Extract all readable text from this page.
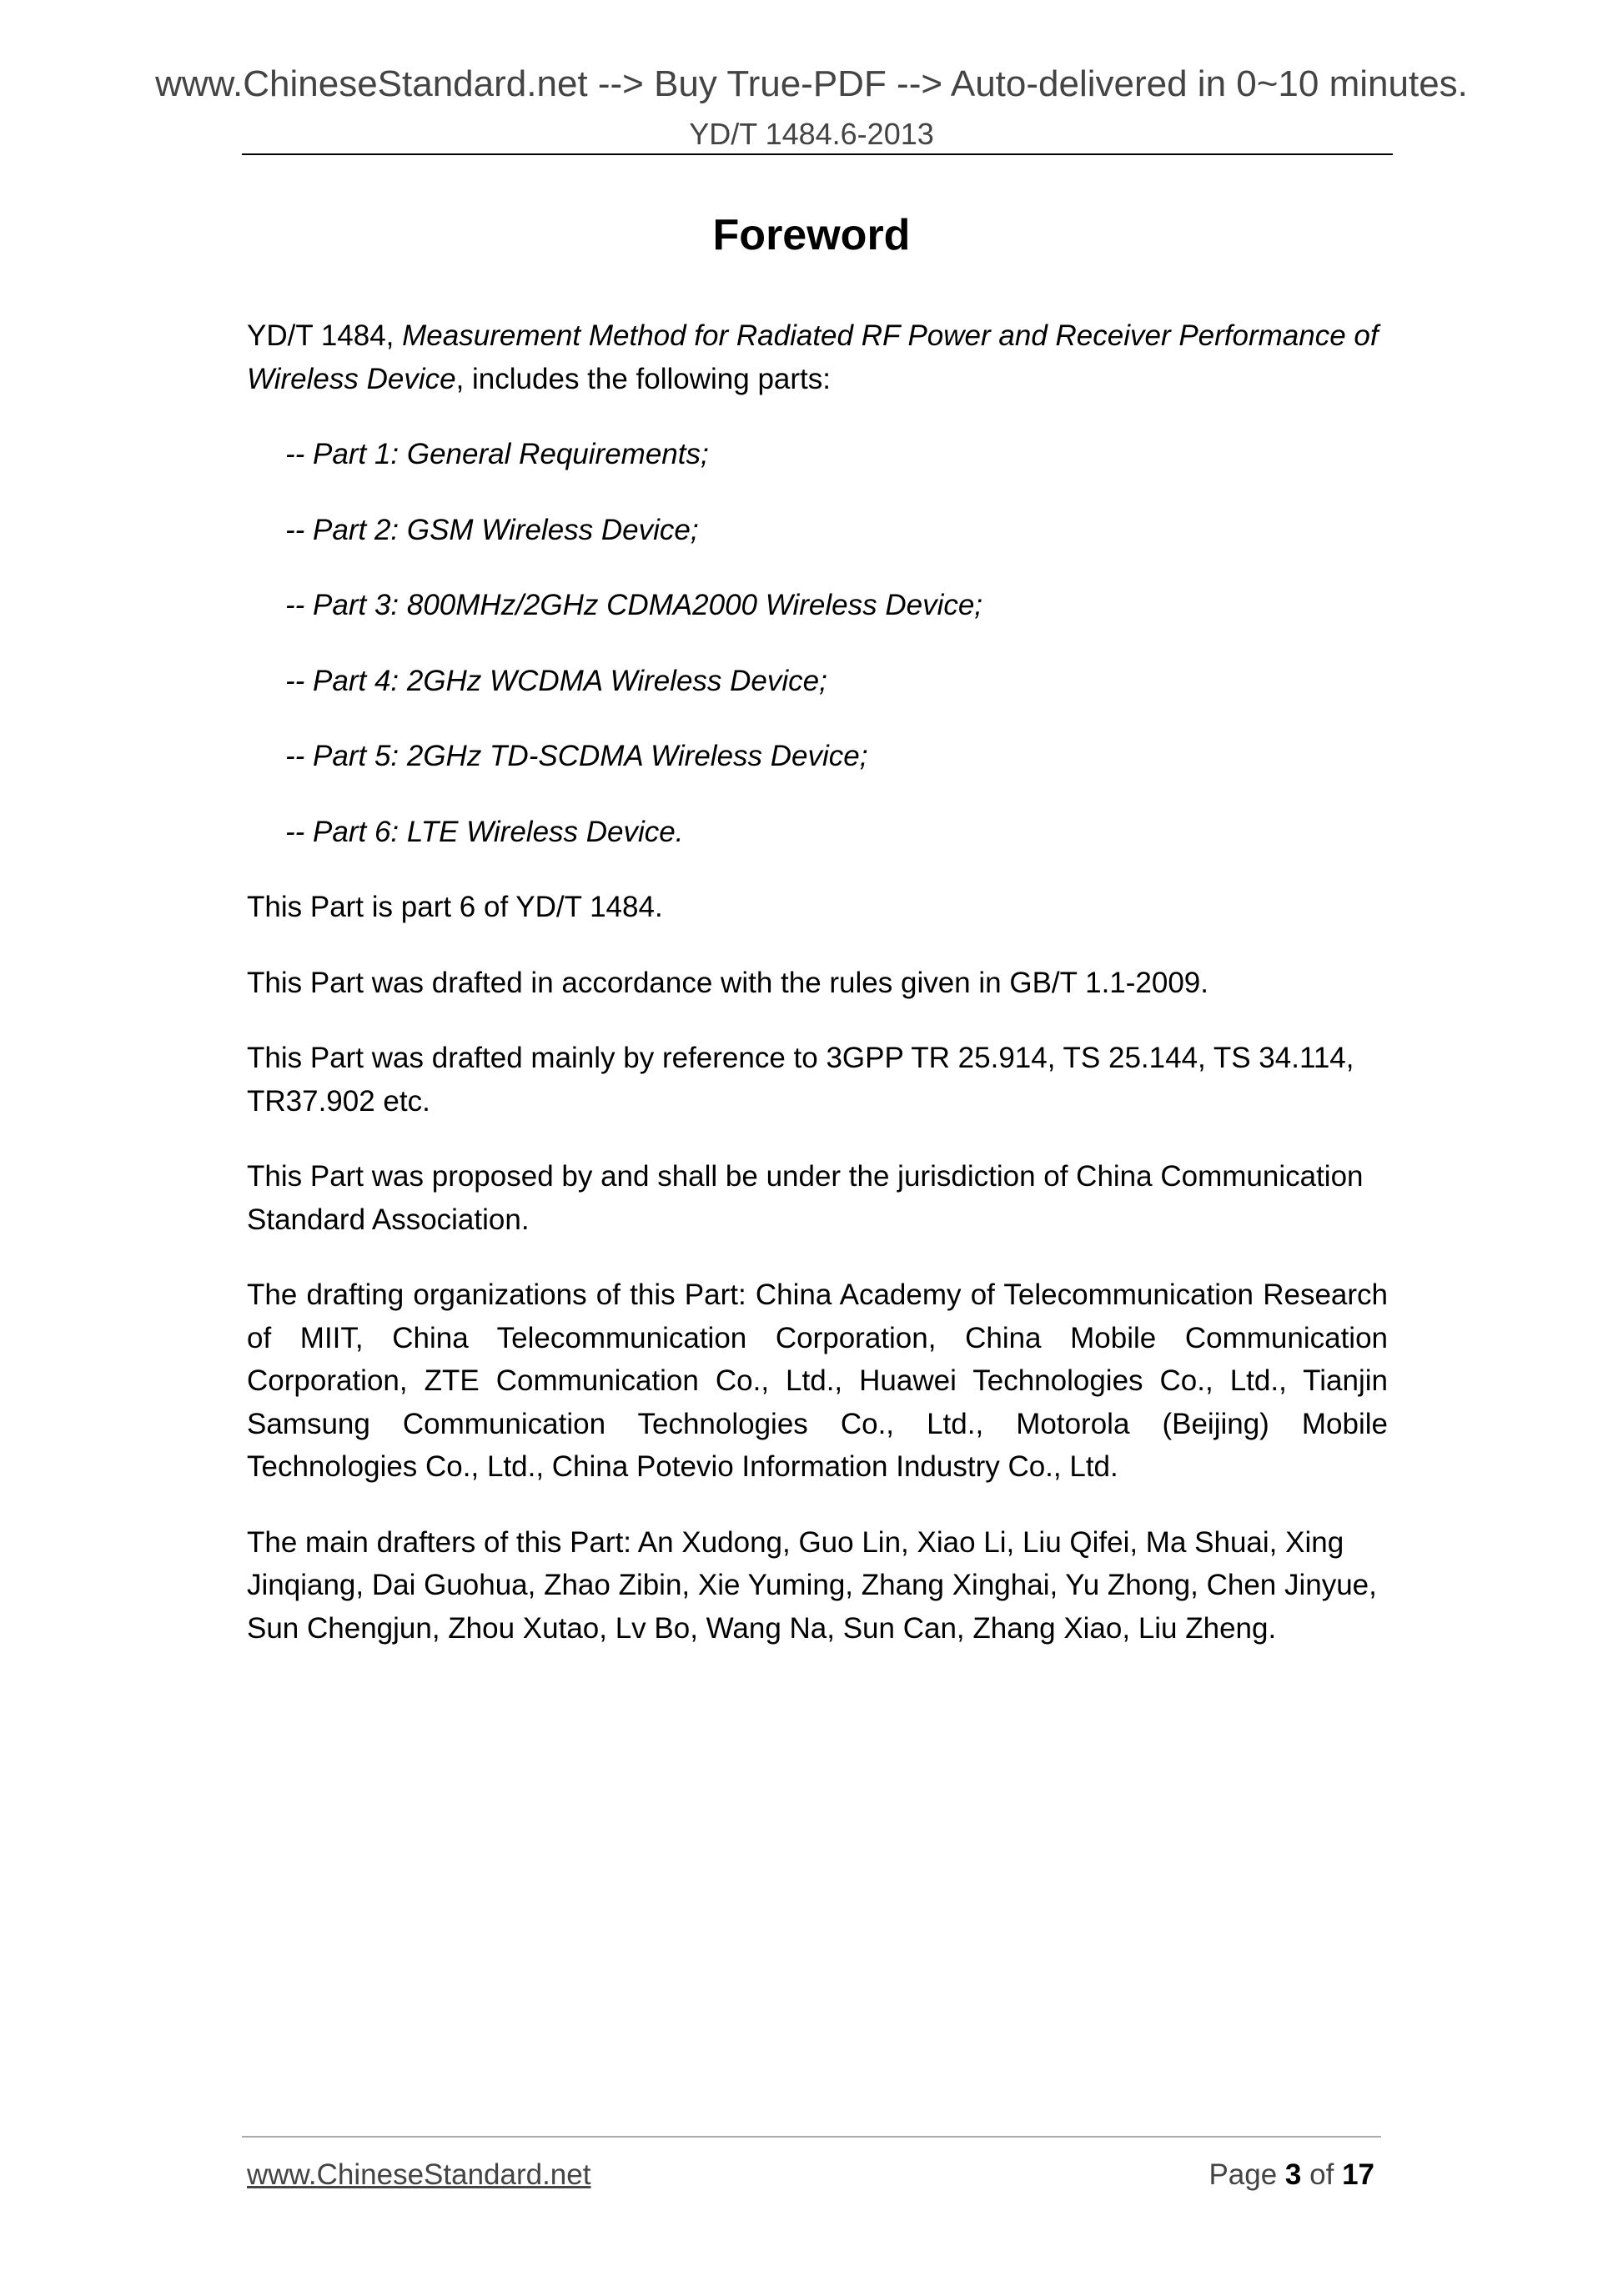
www.ChineseStandard.net --> Buy True-PDF --> Auto-delivered in 0~10 minutes.
YD/T 1484.6-2013
Foreword

YD/T 1484, Measurement Method for Radiated RF Power and Receiver Performance of Wireless Device, includes the following parts:

-- Part 1: General Requirements;
-- Part 2: GSM Wireless Device;
-- Part 3: 800MHz/2GHz CDMA2000 Wireless Device;
-- Part 4: 2GHz WCDMA Wireless Device;
-- Part 5: 2GHz TD-SCDMA Wireless Device;
-- Part 6: LTE Wireless Device.

This Part is part 6 of YD/T 1484.

This Part was drafted in accordance with the rules given in GB/T 1.1-2009.

This Part was drafted mainly by reference to 3GPP TR 25.914, TS 25.144, TS 34.114, TR37.902 etc.

This Part was proposed by and shall be under the jurisdiction of China Communication Standard Association.

The drafting organizations of this Part: China Academy of Telecommunication Research of MIIT, China Telecommunication Corporation, China Mobile Communication Corporation, ZTE Communication Co., Ltd., Huawei Technologies Co., Ltd., Tianjin Samsung Communication Technologies Co., Ltd., Motorola (Beijing) Mobile Technologies Co., Ltd., China Potevio Information Industry Co., Ltd.

The main drafters of this Part: An Xudong, Guo Lin, Xiao Li, Liu Qifei, Ma Shuai, Xing Jinqiang, Dai Guohua, Zhao Zibin, Xie Yuming, Zhang Xinghai, Yu Zhong, Chen Jinyue, Sun Chengjun, Zhou Xutao, Lv Bo, Wang Na, Sun Can, Zhang Xiao, Liu Zheng.

www.ChineseStandard.net	Page 3 of 17
